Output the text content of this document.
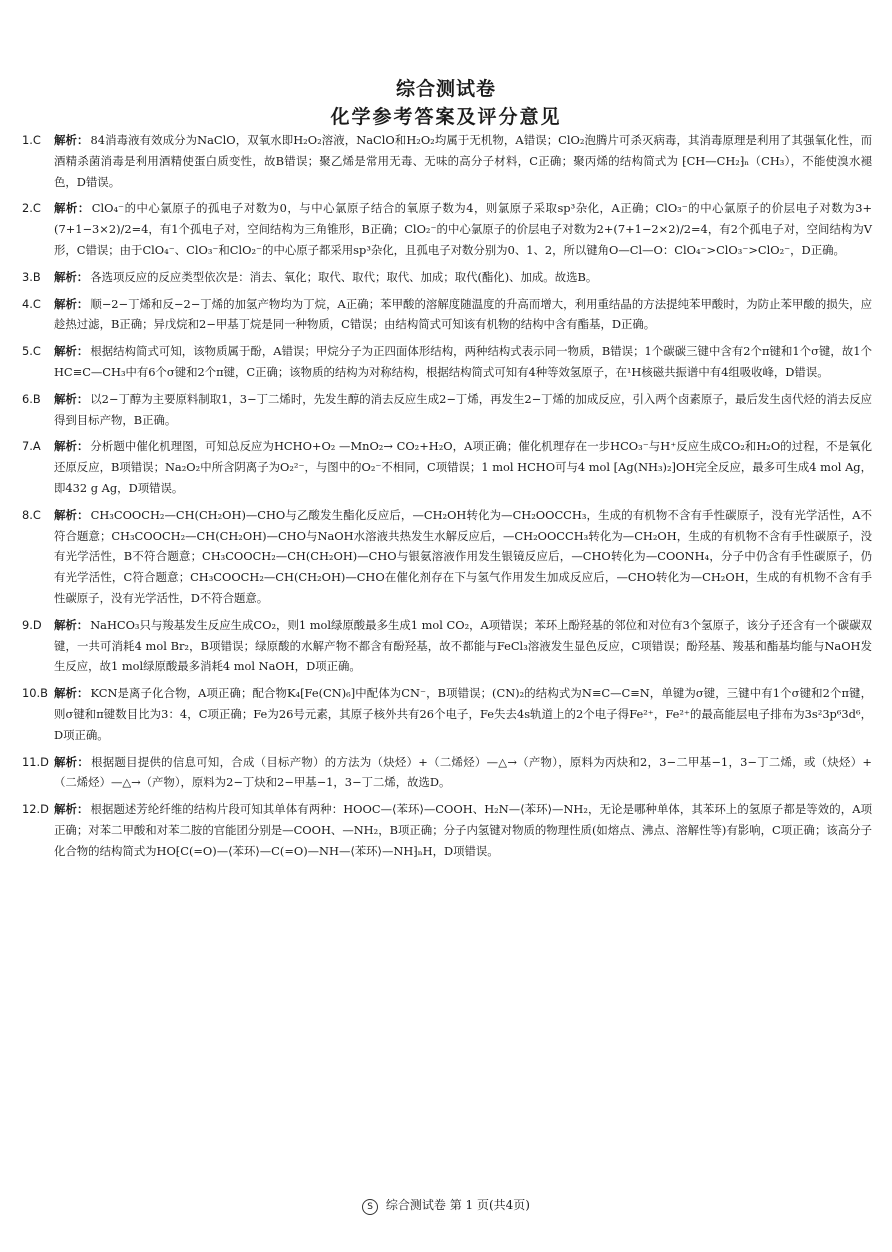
综合测试卷
化学参考答案及评分意见
1.C	解析： 84消毒液有效成分为NaClO，双氧水即H₂O₂溶液，NaClO和H₂O₂均属于无机物，A错误；ClO₂泡腾片可杀灭病毒，其消毒原理是利用了其强氧化性，而酒精杀菌消毒是利用酒精使蛋白质变性，故B错误；聚乙烯是常用无毒、无味的高分子材料，C正确；聚丙烯的结构简式为 ⁅CH—CH₂⁆ₙ（CH₃），不能使溴水褪色，D错误。
2.C	解析： ClO₄⁻的中心氯原子的孤电子对数为0，与中心氯原子结合的氧原子数为4，则氯原子采取sp³杂化，A正确；ClO₃⁻的中心氯原子的价层电子对数为3+(7+1−3×2)/2=4，有1个孤电子对，空间结构为三角锥形，B正确；ClO₂⁻的中心氯原子的价层电子对数为2+(7+1−2×2)/2=4，有2个孤电子对，空间结构为V形，C错误；由于ClO₄⁻、ClO₃⁻和ClO₂⁻的中心原子都采用sp³杂化，且孤电子对数分别为0、1、2，所以键角O—Cl—O：ClO₄⁻>ClO₃⁻>ClO₂⁻，D正确。
3.B	解析： 各选项反应的反应类型依次是：消去、氧化；取代、取代；取代、加成；取代(酯化)、加成。故选B。
4.C	解析： 顺−2−丁烯和反−2−丁烯的加氢产物均为丁烷，A正确；苯甲酸的溶解度随温度的升高而增大，利用重结晶的方法提纯苯甲酸时，为防止苯甲酸的损失，应趁热过滤，B正确；异戊烷和2−甲基丁烷是同一种物质，C错误；由结构简式可知该有机物的结构中含有酯基，D正确。
5.C	解析： 根据结构简式可知，该物质属于酚，A错误；甲烷分子为正四面体形结构，两种结构式表示同一物质，B错误；1个碳碳三键中含有2个π键和1个σ键，故1个HC≡C—CH₃中有6个σ键和2个π键，C正确；该物质的结构为对称结构，根据结构简式可知有4种等效氢原子，在¹H核磁共振谱中有4组吸收峰，D错误。
6.B	解析： 以2−丁醇为主要原料制取1，3−丁二烯时，先发生醇的消去反应生成2−丁烯，再发生2−丁烯的加成反应，引入两个卤素原子，最后发生卤代烃的消去反应得到目标产物，B正确。
7.A	解析： 分析题中催化机理图，可知总反应为HCHO+O₂ —MnO₂→ CO₂+H₂O，A项正确；催化机理存在一步HCO₃⁻与H⁺反应生成CO₂和H₂O的过程，不是氧化还原反应，B项错误；Na₂O₂中所含阴离子为O₂²⁻，与图中的O₂⁻不相同，C项错误；1 mol HCHO可与4 mol [Ag(NH₃)₂]OH完全反应，最多可生成4 mol Ag，即432 g Ag，D项错误。
8.C	解析： CH₃COOCH₂—CH(CH₂OH)—CHO与乙酸发生酯化反应后，—CH₂OH转化为—CH₂OOCCH₃，生成的有机物不含有手性碳原子，没有光学活性，A不符合题意；CH₃COOCH₂—CH(CH₂OH)—CHO与NaOH水溶液共热发生水解反应后，—CH₂OOCCH₃转化为—CH₂OH，生成的有机物不含有手性碳原子，没有光学活性，B不符合题意；CH₃COOCH₂—CH(CH₂OH)—CHO与银氨溶液作用发生银镜反应后，—CHO转化为—COONH₄，分子中仍含有手性碳原子，仍有光学活性，C符合题意；CH₃COOCH₂—CH(CH₂OH)—CHO在催化剂存在下与氢气作用发生加成反应后，—CHO转化为—CH₂OH，生成的有机物不含有手性碳原子，没有光学活性，D不符合题意。
9.D	解析： NaHCO₃只与羧基发生反应生成CO₂，则1 mol绿原酸最多生成1 mol CO₂，A项错误；苯环上酚羟基的邻位和对位有3个氢原子，该分子还含有一个碳碳双键，一共可消耗4 mol Br₂，B项错误；绿原酸的水解产物不都含有酚羟基，故不都能与FeCl₃溶液发生显色反应，C项错误；酚羟基、羧基和酯基均能与NaOH发生反应，故1 mol绿原酸最多消耗4 mol NaOH，D项正确。
10.B 解析： KCN是离子化合物，A项正确；配合物K₄[Fe(CN)₆]中配体为CN⁻，B项错误；(CN)₂的结构式为N≡C—C≡N，单键为σ键，三键中有1个σ键和2个π键，则σ键和π键数目比为3：4，C项正确；Fe为26号元素，其原子核外共有26个电子，Fe失去4s轨道上的2个电子得Fe²⁺，Fe²⁺的最高能层电子排布为3s²3p⁶3d⁶，D项正确。
11.D 解析： 根据题目提供的信息可知，合成（目标产物）的方法为（炔烃）+（二烯烃）—△→（产物），原料为丙炔和2，3−二甲基−1，3−丁二烯，或（炔烃）+（二烯烃）—△→（产物），原料为2−丁炔和2−甲基−1，3−丁二烯，故选D。
12.D 解析： 根据题述芳纶纤维的结构片段可知其单体有两种：HOOC—⟨苯环⟩—COOH、H₂N—⟨苯环⟩—NH₂，无论是哪种单体，其苯环上的氢原子都是等效的，A项正确；对苯二甲酸和对苯二胺的官能团分别是—COOH、—NH₂，B项正确；分子内氢键对物质的物理性质(如熔点、沸点、溶解性等)有影响，C项正确；该高分子化合物的结构简式为HO⁅C(=O)—⟨苯环⟩—C(=O)—NH—⟨苯环⟩—NH⁆ₙH，D项错误。
S 综合测试卷 第 1 页(共4页)
